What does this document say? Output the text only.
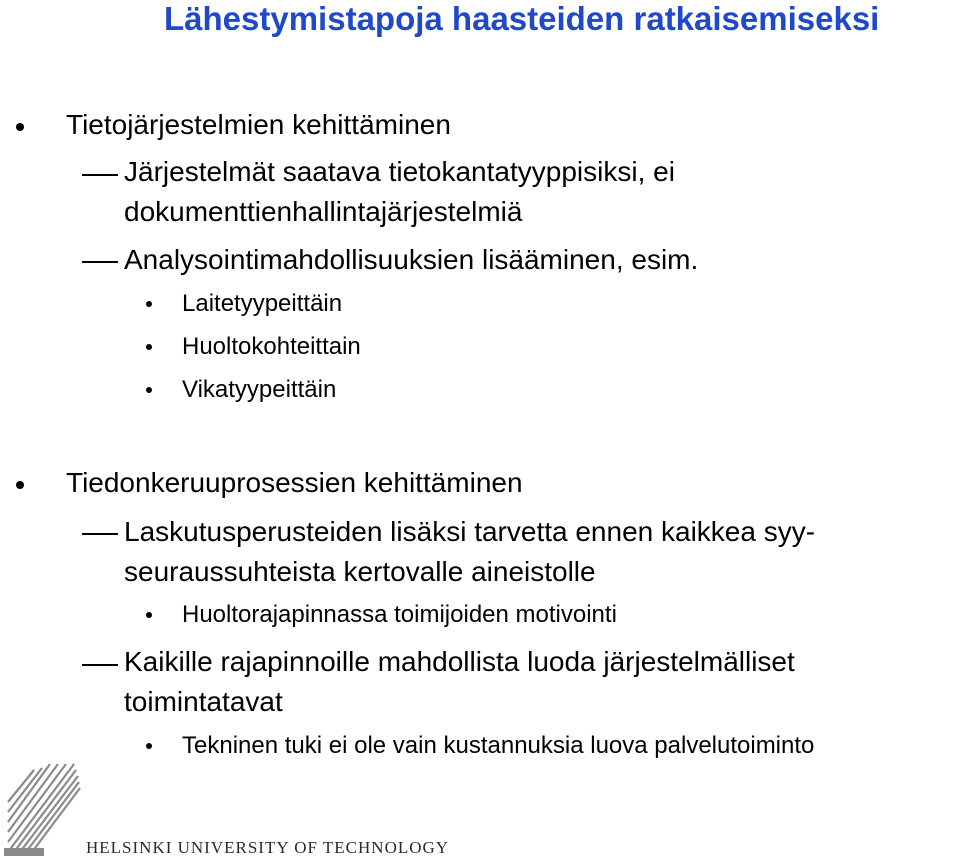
Lähestymistapoja haasteiden ratkaisemiseksi
Tietojärjestelmien kehittäminen
Järjestelmät saatava tietokantatyyppisiksi, ei
dokumenttienhallintajärjestelmiä
Analysointimahdollisuuksien lisääminen, esim.
Laitetyypeittäin
Huoltokohteittain
Vikatyypeittäin
Tiedonkeruuprosessien kehittäminen
Laskutusperusteiden lisäksi tarvetta ennen kaikkea syy-
seuraussuhteista kertovalle aineistolle
Huoltorajapinnassa toimijoiden motivointi
Kaikille rajapinnoille mahdollista luoda järjestelmälliset
toimintatavat
Tekninen tuki ei ole vain kustannuksia luova palvelutoiminto
HELSINKI UNIVERSITY OF TECHNOLOGY
